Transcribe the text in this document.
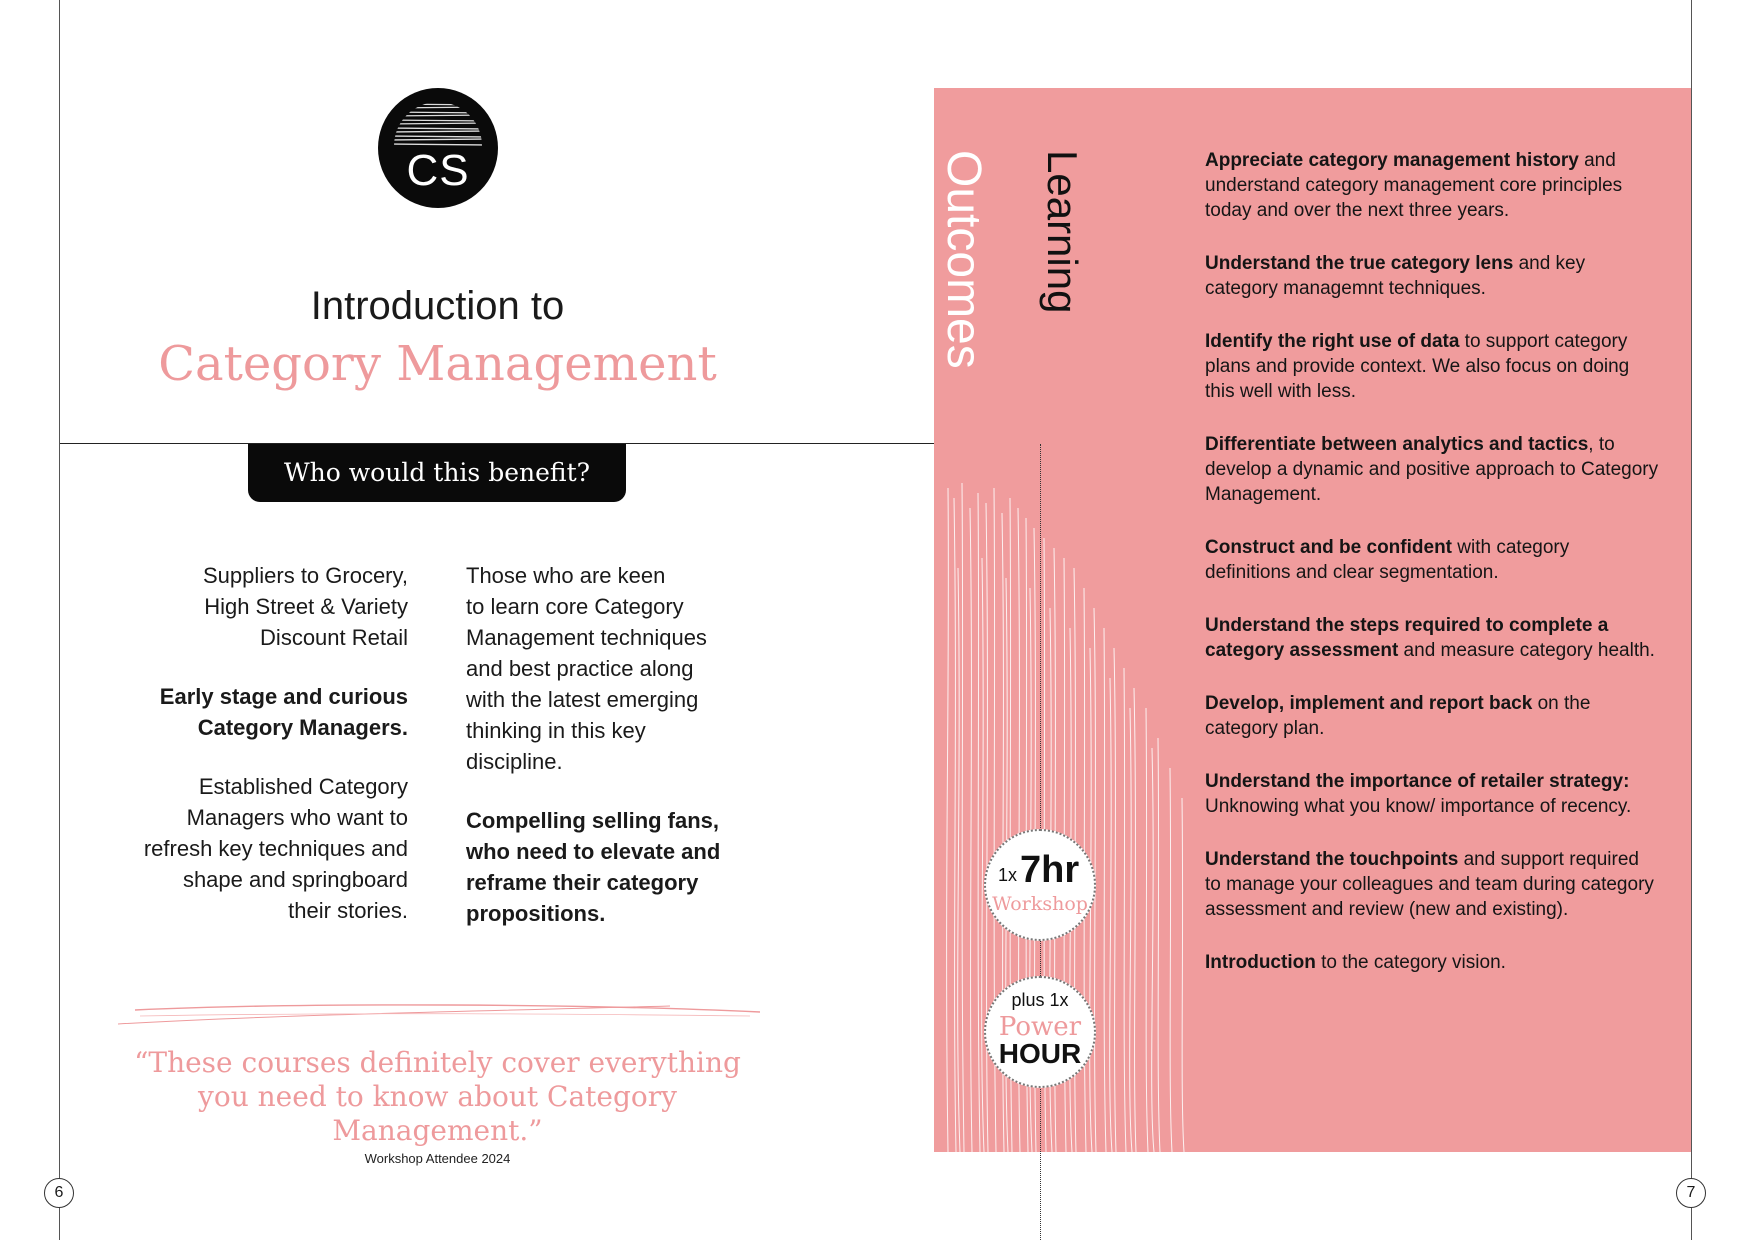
CS
Introduction to
Category Management
Who would this benefit?
Suppliers to Grocery,
High Street & Variety
Discount Retail
Early stage and curious
Category Managers.
Established Category
Managers who want to
refresh key techniques and
shape and springboard
their stories.
Those who are keen
to learn core Category
Management techniques
and best practice along
with the latest emerging
thinking in this key
discipline.
Compelling selling fans,
who need to elevate and
reframe their category
propositions.
“These courses definitely cover everything you need to know about Category Management.”
Workshop Attendee 2024
6	7
Learning
Outcomes
1x 7hr
Workshop
plus 1x
Power
HOUR
Appreciate category management history and understand category management core principles today and over the next three years.
Understand the true category lens and key category managemnt techniques.
Identify the right use of data to support category plans and provide context. We also focus on doing this well with less.
Differentiate between analytics and tactics, to develop a dynamic and positive approach to Category Management.
Construct and be confident with category definitions and clear segmentation.
Understand the steps required to complete a category assessment and measure category health.
Develop, implement and report back on the category plan.
Understand the importance of retailer strategy: Unknowing what you know/ importance of recency.
Understand the touchpoints and support required to manage your colleagues and team during category assessment and review (new and existing).
Introduction to the category vision.
